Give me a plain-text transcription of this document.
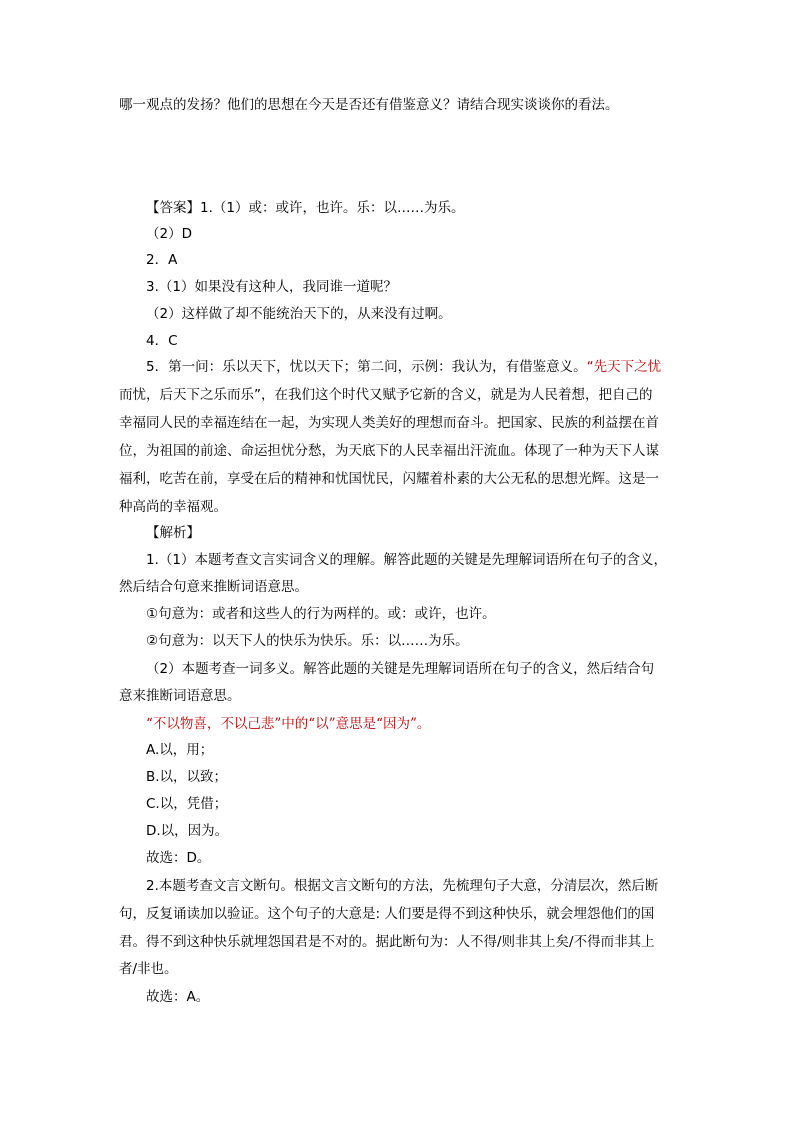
哪一观点的发扬？他们的思想在今天是否还有借鉴意义？请结合现实谈谈你的看法。
【答案】1.（1）或：或许，也许。乐：以……为乐。
（2）D
2．A
3.（1）如果没有这种人，我同谁一道呢？
（2）这样做了却不能统治天下的，从来没有过啊。
4．C
5．第一问：乐以天下，忧以天下；第二问，示例：我认为，有借鉴意义。“先天下之忧
而忧，后天下之乐而乐”，在我们这个时代又赋予它新的含义，就是为人民着想，把自己的
幸福同人民的幸福连结在一起，为实现人类美好的理想而奋斗。把国家、民族的利益摆在首
位，为祖国的前途、命运担忧分愁，为天底下的人民幸福出汗流血。体现了一种为天下人谋
福利，吃苦在前，享受在后的精神和忧国忧民，闪耀着朴素的大公无私的思想光辉。这是一
种高尚的幸福观。
【解析】
1.（1）本题考查文言实词含义的理解。解答此题的关键是先理解词语所在句子的含义，
然后结合句意来推断词语意思。
①句意为：或者和这些人的行为两样的。或：或许，也许。
②句意为：以天下人的快乐为快乐。乐：以……为乐。
（2）本题考查一词多义。解答此题的关键是先理解词语所在句子的含义，然后结合句
意来推断词语意思。
“不以物喜，不以己悲”中的“以”意思是“因为”。
A.以，用；
B.以，以致；
C.以，凭借；
D.以，因为。
故选：D。
2.本题考查文言文断句。根据文言文断句的方法，先梳理句子大意，分清层次，然后断
句，反复诵读加以验证。这个句子的大意是: 人们要是得不到这种快乐，就会埋怨他们的国
君。得不到这种快乐就埋怨国君是不对的。据此断句为：人不得/则非其上矣/不得而非其上
者/非也。
故选：A。
